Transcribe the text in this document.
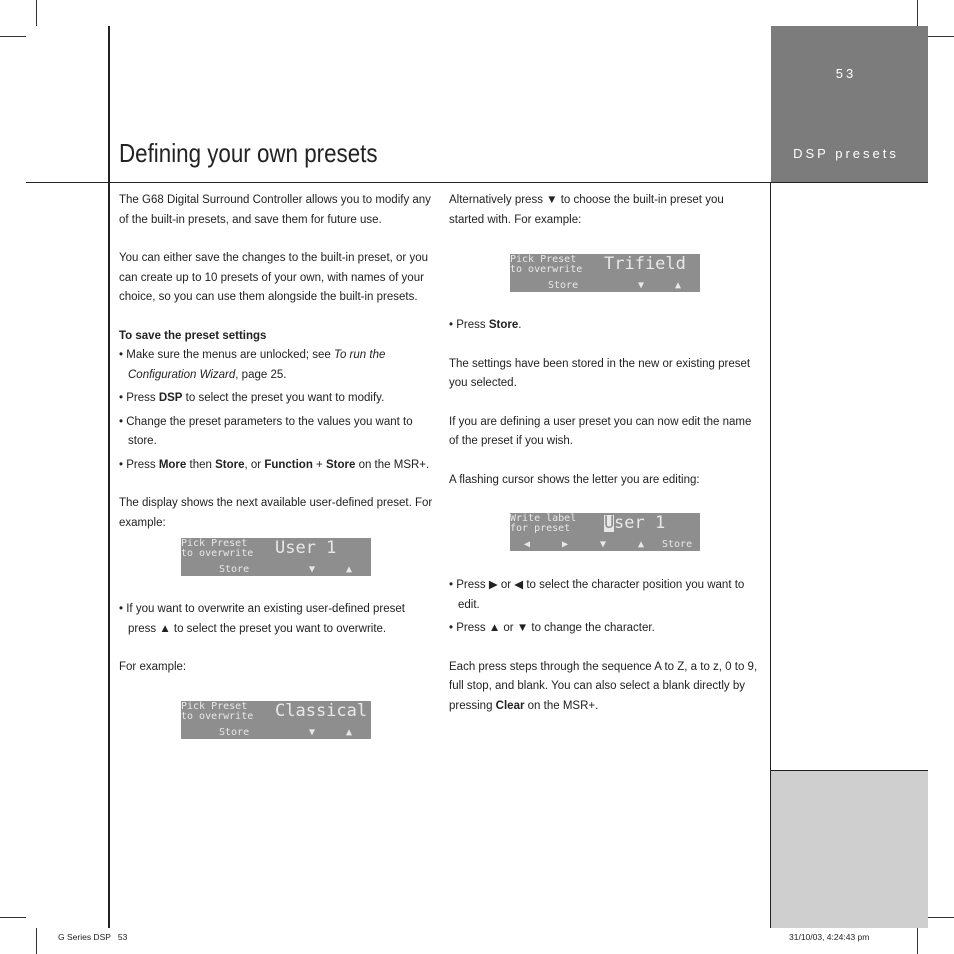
53
DSP presets
Defining your own presets

The G68 Digital Surround Controller allows you to modify any of the built-in presets, and save them for future use.

You can either save the changes to the built-in preset, or you can create up to 10 presets of your own, with names of your choice, so you can use them alongside the built-in presets.

To save the preset settings

• Make sure the menus are unlocked; see To run the Configuration Wizard, page 25.

• Press DSP to select the preset you want to modify.

• Change the preset parameters to the values you want to store.

• Press More then Store, or Function + Store on the MSR+.

The display shows the next available user-defined preset. For example:

• If you want to overwrite an existing user-defined preset press ▲ to select the preset you want to overwrite.

For example:

Pick Preset
to overwrite User 1
Store	▼	▲
Pick Preset
to overwrite Classical
Store	▼	▲

Alternatively press ▼ to choose the built-in preset you started with. For example:

Pick Preset
to overwrite Trifield
Store	▼	▲

• Press Store.

The settings have been stored in the new or existing preset you selected.

If you are defining a user preset you can now edit the name of the preset if you wish.

A flashing cursor shows the letter you are editing:

Write label
for preset U ser 1
◀	▶	▼	▲ Store

• Press ▶ or ◀ to select the character position you want to edit.

• Press ▲ or ▼ to change the character.

Each press steps through the sequence A to Z, a to z, 0 to 9, full stop, and blank. You can also select a blank directly by pressing Clear on the MSR+.

G Series DSP   53	31/10/03, 4:24:43 pm
